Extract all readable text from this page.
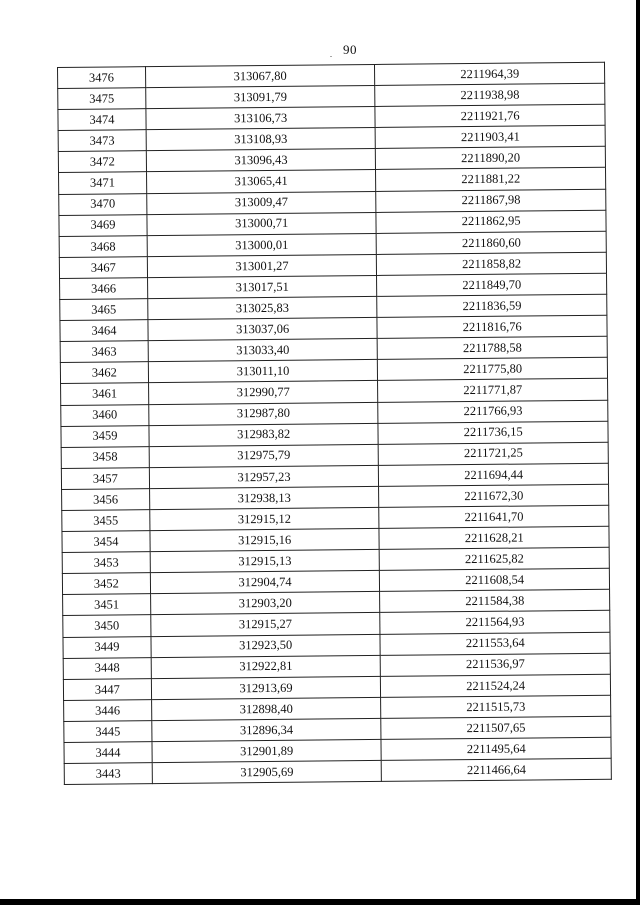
. 90
3476	313067,80	2211964,39
3475	313091,79	2211938,98
3474	313106,73	2211921,76
3473	313108,93	2211903,41
3472	313096,43	2211890,20
3471	313065,41	2211881,22
3470	313009,47	2211867,98
3469	313000,71	2211862,95
3468	313000,01	2211860,60
3467	313001,27	2211858,82
3466	313017,51	2211849,70
3465	313025,83	2211836,59
3464	313037,06	2211816,76
3463	313033,40	2211788,58
3462	313011,10	2211775,80
3461	312990,77	2211771,87
3460	312987,80	2211766,93
3459	312983,82	2211736,15
3458	312975,79	2211721,25
3457	312957,23	2211694,44
3456	312938,13	2211672,30
3455	312915,12	2211641,70
3454	312915,16	2211628,21
3453	312915,13	2211625,82
3452	312904,74	2211608,54
3451	312903,20	2211584,38
3450	312915,27	2211564,93
3449	312923,50	2211553,64
3448	312922,81	2211536,97
3447	312913,69	2211524,24
3446	312898,40	2211515,73
3445	312896,34	2211507,65
3444	312901,89	2211495,64
3443	312905,69	2211466,64
